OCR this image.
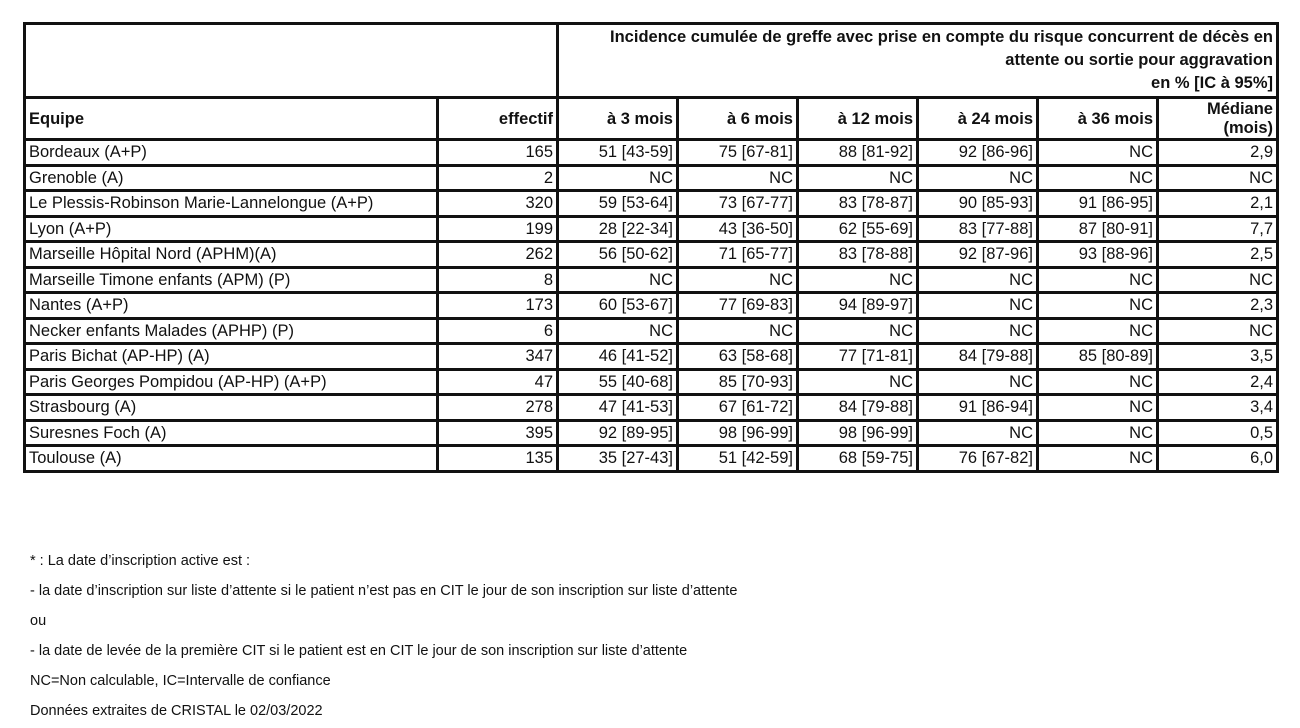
		Incidence cumulée de greffe avec prise en compte du risque concurrent de décès en
attente ou sortie pour aggravation
en % [IC à 95%]					

Equipe	effectif	à 3 mois	à 6 mois	à 12 mois	à 24 mois	à 36 mois	Médiane
(mois)

Bordeaux (A+P)	165	51 [43-59]	75 [67-81]	88 [81-92]	92 [86-96]	NC	2,9
Grenoble (A)	2	NC	NC	NC	NC	NC	NC
Le Plessis-Robinson Marie-Lannelongue (A+P)	320	59 [53-64]	73 [67-77]	83 [78-87]	90 [85-93]	91 [86-95]	2,1
Lyon (A+P)	199	28 [22-34]	43 [36-50]	62 [55-69]	83 [77-88]	87 [80-91]	7,7
Marseille Hôpital Nord (APHM)(A)	262	56 [50-62]	71 [65-77]	83 [78-88]	92 [87-96]	93 [88-96]	2,5
Marseille Timone enfants (APM) (P)	8	NC	NC	NC	NC	NC	NC
Nantes (A+P)	173	60 [53-67]	77 [69-83]	94 [89-97]	NC	NC	2,3
Necker enfants Malades (APHP) (P)	6	NC	NC	NC	NC	NC	NC
Paris Bichat (AP-HP) (A)	347	46 [41-52]	63 [58-68]	77 [71-81]	84 [79-88]	85 [80-89]	3,5
Paris Georges Pompidou (AP-HP) (A+P)	47	55 [40-68]	85 [70-93]	NC	NC	NC	2,4
Strasbourg (A)	278	47 [41-53]	67 [61-72]	84 [79-88]	91 [86-94]	NC	3,4
Suresnes Foch (A)	395	92 [89-95]	98 [96-99]	98 [96-99]	NC	NC	0,5
Toulouse (A)	135	35 [27-43]	51 [42-59]	68 [59-75]	76 [67-82]	NC	6,0

* : La date d’inscription active est :

- la date d’inscription sur liste d’attente si le patient n’est pas en CIT le jour de son inscription sur liste d’attente

ou

- la date de levée de la première CIT si le patient est en CIT le jour de son inscription sur liste d’attente

NC=Non calculable, IC=Intervalle de confiance

Données extraites de CRISTAL le 02/03/2022
